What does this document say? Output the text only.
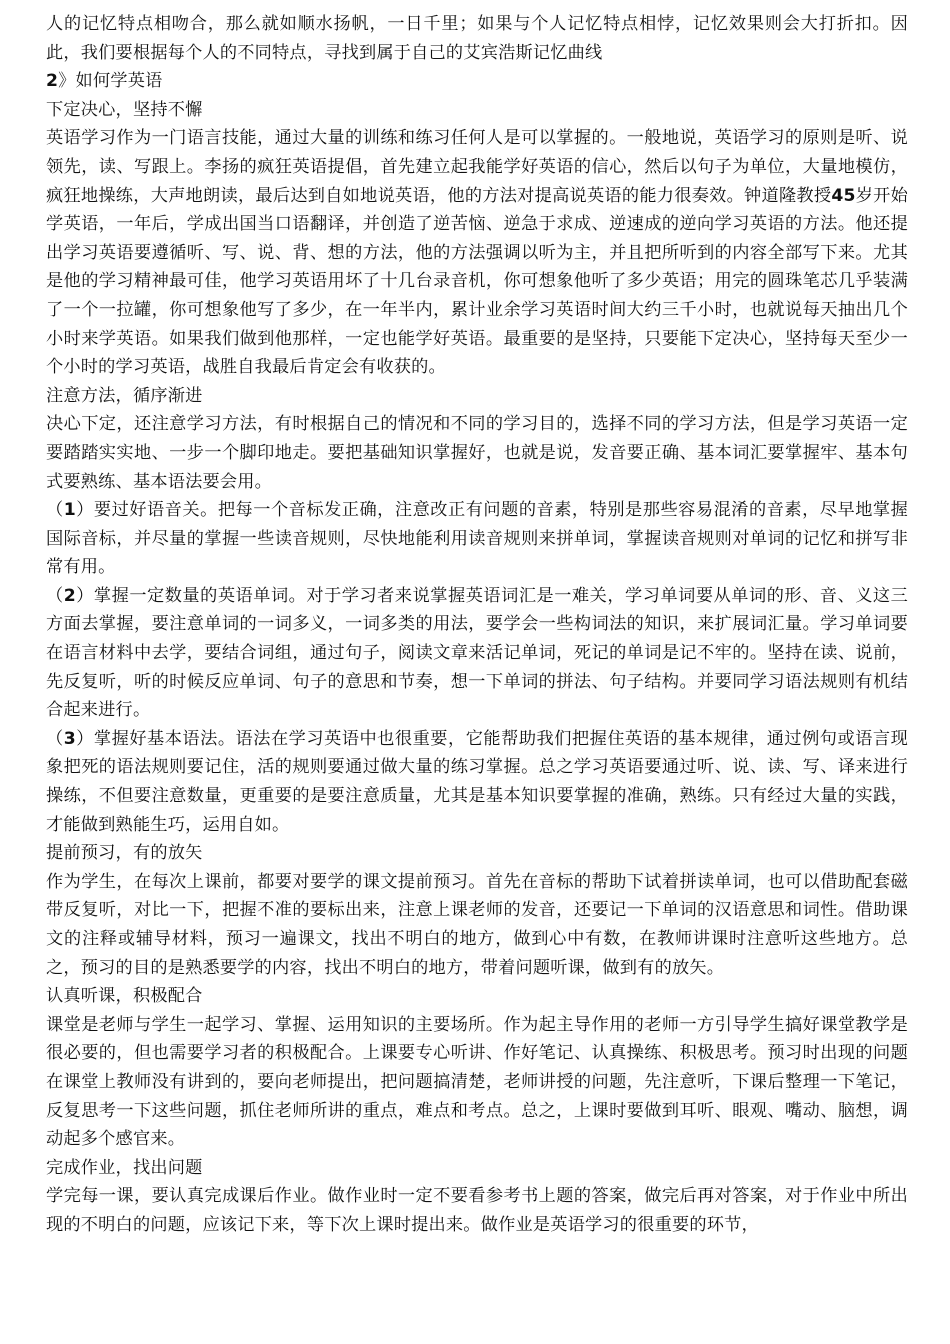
人的记忆特点相吻合，那么就如顺水扬帆，一日千里；如果与个人记忆特点相悖，记忆效果则会大打折扣。因此，我们要根据每个人的不同特点，寻找到属于自己的艾宾浩斯记忆曲线

2》如何学英语

下定决心，坚持不懈

英语学习作为一门语言技能，通过大量的训练和练习任何人是可以掌握的。一般地说，英语学习的原则是听、说领先，读、写跟上。李扬的疯狂英语提倡，首先建立起我能学好英语的信心，然后以句子为单位，大量地模仿，疯狂地操练，大声地朗读，最后达到自如地说英语，他的方法对提高说英语的能力很奏效。钟道隆教授45岁开始学英语，一年后，学成出国当口语翻译，并创造了逆苦恼、逆急于求成、逆速成的逆向学习英语的方法。他还提出学习英语要遵循听、写、说、背、想的方法，他的方法强调以听为主，并且把所听到的内容全部写下来。尤其是他的学习精神最可佳，他学习英语用坏了十几台录音机，你可想象他听了多少英语；用完的圆珠笔芯几乎装满了一个一拉罐，你可想象他写了多少，在一年半内，累计业余学习英语时间大约三千小时，也就说每天抽出几个小时来学英语。如果我们做到他那样，一定也能学好英语。最重要的是坚持，只要能下定决心，坚持每天至少一个小时的学习英语，战胜自我最后肯定会有收获的。

注意方法，循序渐进

决心下定，还注意学习方法，有时根据自己的情况和不同的学习目的，选择不同的学习方法，但是学习英语一定要踏踏实实地、一步一个脚印地走。要把基础知识掌握好，也就是说，发音要正确、基本词汇要掌握牢、基本句式要熟练、基本语法要会用。

（1）要过好语音关。把每一个音标发正确，注意改正有问题的音素，特别是那些容易混淆的音素，尽早地掌握国际音标，并尽量的掌握一些读音规则，尽快地能利用读音规则来拼单词，掌握读音规则对单词的记忆和拼写非常有用。

（2）掌握一定数量的英语单词。对于学习者来说掌握英语词汇是一难关，学习单词要从单词的形、音、义这三方面去掌握，要注意单词的一词多义，一词多类的用法，要学会一些构词法的知识，来扩展词汇量。学习单词要在语言材料中去学，要结合词组，通过句子，阅读文章来活记单词，死记的单词是记不牢的。坚持在读、说前，先反复听，听的时候反应单词、句子的意思和节奏，想一下单词的拼法、句子结构。并要同学习语法规则有机结合起来进行。

（3）掌握好基本语法。语法在学习英语中也很重要，它能帮助我们把握住英语的基本规律，通过例句或语言现象把死的语法规则要记住，活的规则要通过做大量的练习掌握。总之学习英语要通过听、说、读、写、译来进行操练，不但要注意数量，更重要的是要注意质量，尤其是基本知识要掌握的准确，熟练。只有经过大量的实践，才能做到熟能生巧，运用自如。

提前预习，有的放矢

作为学生，在每次上课前，都要对要学的课文提前预习。首先在音标的帮助下试着拼读单词，也可以借助配套磁带反复听，对比一下，把握不准的要标出来，注意上课老师的发音，还要记一下单词的汉语意思和词性。借助课文的注释或辅导材料，预习一遍课文，找出不明白的地方，做到心中有数，在教师讲课时注意听这些地方。总之，预习的目的是熟悉要学的内容，找出不明白的地方，带着问题听课，做到有的放矢。

认真听课，积极配合

课堂是老师与学生一起学习、掌握、运用知识的主要场所。作为起主导作用的老师一方引导学生搞好课堂教学是很必要的，但也需要学习者的积极配合。上课要专心听讲、作好笔记、认真操练、积极思考。预习时出现的问题在课堂上教师没有讲到的，要向老师提出，把问题搞清楚，老师讲授的问题，先注意听，下课后整理一下笔记，反复思考一下这些问题，抓住老师所讲的重点，难点和考点。总之，上课时要做到耳听、眼观、嘴动、脑想，调动起多个感官来。

完成作业，找出问题

学完每一课，要认真完成课后作业。做作业时一定不要看参考书上题的答案，做完后再对答案，对于作业中所出现的不明白的问题，应该记下来，等下次上课时提出来。做作业是英语学习的很重要的环节，
